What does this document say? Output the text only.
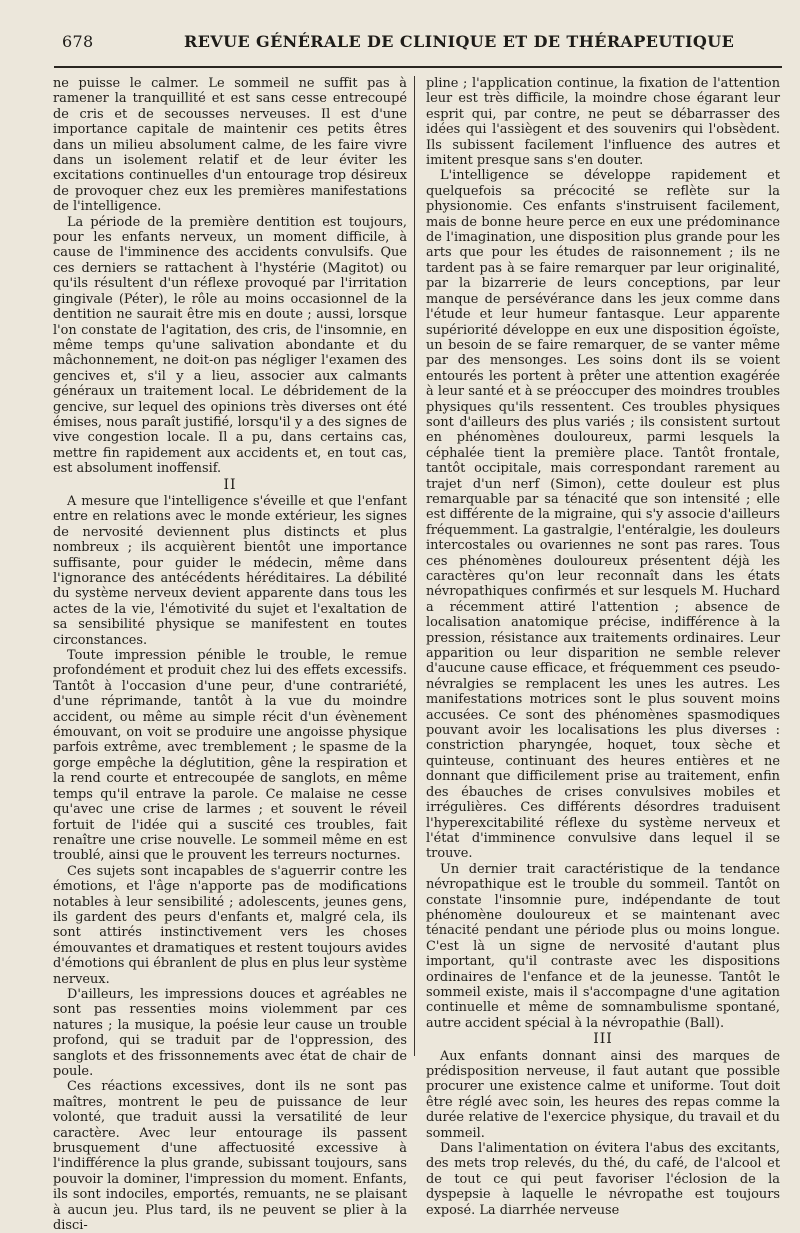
678	REVUE GÉNÉRALE DE CLINIQUE ET DE THÉRAPEUTIQUE

ne puisse le calmer. Le sommeil ne suffit pas à ramener la tranquillité et est sans cesse entrecoupé de cris et de secousses nerveuses. Il est d'une importance capitale de maintenir ces petits êtres dans un milieu absolument calme, de les faire vivre dans un isolement relatif et de leur éviter les excitations continuelles d'un entourage trop désireux de provoquer chez eux les premières manifestations de l'intelligence.

La période de la première dentition est toujours, pour les enfants nerveux, un moment difficile, à cause de l'imminence des accidents convulsifs. Que ces derniers se rattachent à l'hystérie (Magitot) ou qu'ils résultent d'un réflexe provoqué par l'irritation gingivale (Péter), le rôle au moins occasionnel de la dentition ne saurait être mis en doute ; aussi, lorsque l'on constate de l'agitation, des cris, de l'insomnie, en même temps qu'une salivation abondante et du mâchonnement, ne doit-on pas négliger l'examen des gencives et, s'il y a lieu, associer aux calmants généraux un traitement local. Le débridement de la gencive, sur lequel des opinions très diverses ont été émises, nous paraît justifié, lorsqu'il y a des signes de vive congestion locale. Il a pu, dans certains cas, mettre fin rapidement aux accidents et, en tout cas, est absolument inoffensif.

II

A mesure que l'intelligence s'éveille et que l'enfant entre en relations avec le monde extérieur, les signes de nervosité deviennent plus distincts et plus nombreux ; ils acquièrent bientôt une importance suffisante, pour guider le médecin, même dans l'ignorance des antécédents héréditaires. La débilité du système nerveux devient apparente dans tous les actes de la vie, l'émotivité du sujet et l'exaltation de sa sensibilité physique se manifestent en toutes circonstances.

Toute impression pénible le trouble, le remue profondément et produit chez lui des effets excessifs. Tantôt à l'occasion d'une peur, d'une contrariété, d'une réprimande, tantôt à la vue du moindre accident, ou même au simple récit d'un évènement émouvant, on voit se produire une angoisse physique parfois extrême, avec tremblement ; le spasme de la gorge empêche la déglutition, gêne la respiration et la rend courte et entrecoupée de sanglots, en même temps qu'il entrave la parole. Ce malaise ne cesse qu'avec une crise de larmes ; et souvent le réveil fortuit de l'idée qui a suscité ces troubles, fait renaître une crise nouvelle. Le sommeil même en est troublé, ainsi que le prouvent les terreurs nocturnes.

Ces sujets sont incapables de s'aguerrir contre les émotions, et l'âge n'apporte pas de modifications notables à leur sensibilité ; adolescents, jeunes gens, ils gardent des peurs d'enfants et, malgré cela, ils sont attirés instinctivement vers les choses émouvantes et dramatiques et restent toujours avides d'émotions qui ébranlent de plus en plus leur système nerveux.

D'ailleurs, les impressions douces et agréables ne sont pas ressenties moins violemment par ces natures ; la musique, la poésie leur cause un trouble profond, qui se traduit par de l'oppression, des sanglots et des frissonnements avec état de chair de poule.

Ces réactions excessives, dont ils ne sont pas maîtres, montrent le peu de puissance de leur volonté, que traduit aussi la versatilité de leur caractère. Avec leur entourage ils passent brusquement d'une affectuosité excessive à l'indifférence la plus grande, subissant toujours, sans pouvoir la dominer, l'impression du moment. Enfants, ils sont indociles, emportés, remuants, ne se plaisant à aucun jeu. Plus tard, ils ne peuvent se plier à la disci-

pline ; l'application continue, la fixation de l'attention leur est très difficile, la moindre chose égarant leur esprit qui, par contre, ne peut se débarrasser des idées qui l'assiègent et des souvenirs qui l'obsèdent. Ils subissent facilement l'influence des autres et imitent presque sans s'en douter.

L'intelligence se développe rapidement et quelquefois sa précocité se reflète sur la physionomie. Ces enfants s'instruisent facilement, mais de bonne heure perce en eux une prédominance de l'imagination, une disposition plus grande pour les arts que pour les études de raisonnement ; ils ne tardent pas à se faire remarquer par leur originalité, par la bizarrerie de leurs conceptions, par leur manque de persévérance dans les jeux comme dans l'étude et leur humeur fantasque. Leur apparente supériorité développe en eux une disposition égoïste, un besoin de se faire remarquer, de se vanter même par des mensonges. Les soins dont ils se voient entourés les portent à prêter une attention exagérée à leur santé et à se préoccuper des moindres troubles physiques qu'ils ressentent. Ces troubles physiques sont d'ailleurs des plus variés ; ils consistent surtout en phénomènes douloureux, parmi lesquels la céphalée tient la première place. Tantôt frontale, tantôt occipitale, mais correspondant rarement au trajet d'un nerf (Simon), cette douleur est plus remarquable par sa ténacité que son intensité ; elle est différente de la migraine, qui s'y associe d'ailleurs fréquemment. La gastralgie, l'entéralgie, les douleurs intercostales ou ovariennes ne sont pas rares. Tous ces phénomènes douloureux présentent déjà les caractères qu'on leur reconnaît dans les états névropathiques confirmés et sur lesquels M. Huchard a récemment attiré l'attention ; absence de localisation anatomique précise, indifférence à la pression, résistance aux traitements ordinaires. Leur apparition ou leur disparition ne semble relever d'aucune cause efficace, et fréquemment ces pseudo-névralgies se remplacent les unes les autres. Les manifestations motrices sont le plus souvent moins accusées. Ce sont des phénomènes spasmodiques pouvant avoir les localisations les plus diverses : constriction pharyngée, hoquet, toux sèche et quinteuse, continuant des heures entières et ne donnant que difficilement prise au traitement, enfin des ébauches de crises convulsives mobiles et irrégulières. Ces différents désordres traduisent l'hyperexcitabilité réflexe du système nerveux et l'état d'imminence convulsive dans lequel il se trouve.

Un dernier trait caractéristique de la tendance névropathique est le trouble du sommeil. Tantôt on constate l'insomnie pure, indépendante de tout phénomène douloureux et se maintenant avec ténacité pendant une période plus ou moins longue. C'est là un signe de nervosité d'autant plus important, qu'il contraste avec les dispositions ordinaires de l'enfance et de la jeunesse. Tantôt le sommeil existe, mais il s'accompagne d'une agitation continuelle et même de somnambulisme spontané, autre accident spécial à la névropathie (Ball).

III

Aux enfants donnant ainsi des marques de prédisposition nerveuse, il faut autant que possible procurer une existence calme et uniforme. Tout doit être réglé avec soin, les heures des repas comme la durée relative de l'exercice physique, du travail et du sommeil.

Dans l'alimentation on évitera l'abus des excitants, des mets trop relevés, du thé, du café, de l'alcool et de tout ce qui peut favoriser l'éclosion de la dyspepsie à laquelle le névropathe est toujours exposé. La diarrhée nerveuse
